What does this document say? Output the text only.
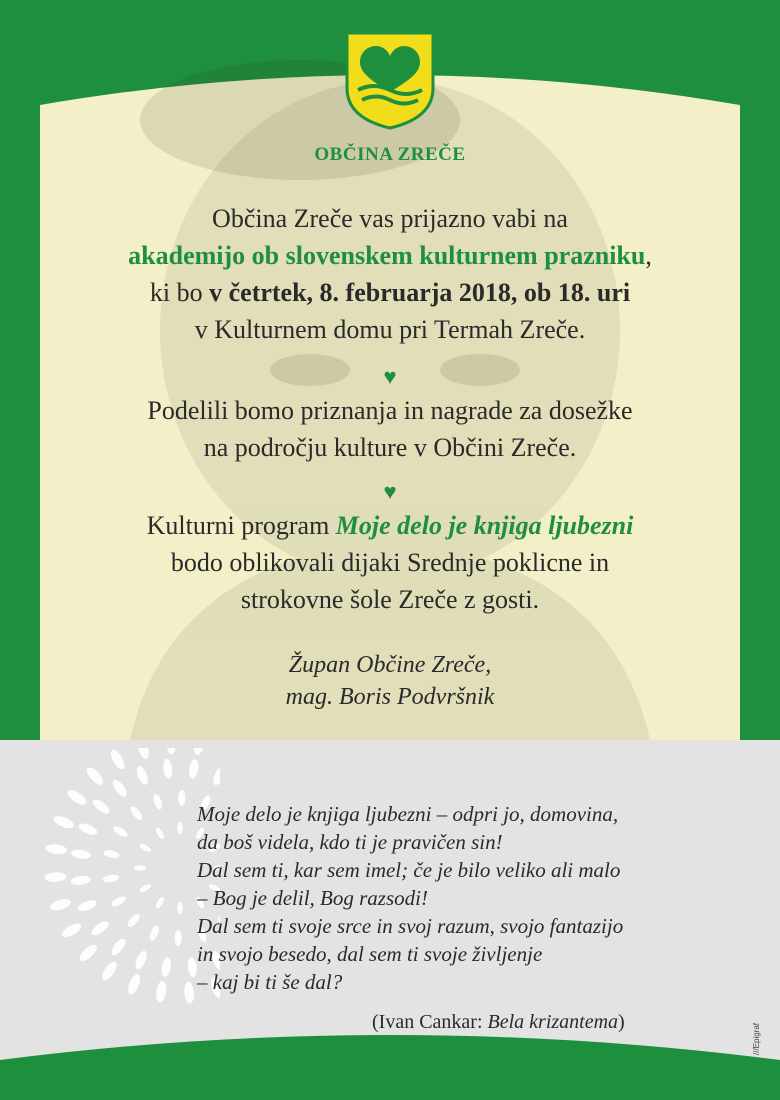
OBČINA ZREČE

Občina Zreče vas prijazno vabi na

akademijo ob slovenskem kulturnem prazniku,

ki bo v četrtek, 8. februarja 2018, ob 18. uri

v Kulturnem domu pri Termah Zreče.

♥

Podelili bomo priznanja in nagrade za dosežke

na področju kulture v Občini Zreče.

♥

Kulturni program Moje delo je knjiga ljubezni

bodo oblikovali dijaki Srednje poklicne in

strokovne šole Zreče z gosti.

Župan Občine Zreče,

mag. Boris Podvršnik

Moje delo je knjiga ljubezni – odpri jo, domovina,

da boš videla, kdo ti je pravičen sin!

Dal sem ti, kar sem imel; če je bilo veliko ali malo

– Bog je delil, Bog razsodi!

Dal sem ti svoje srce in svoj razum, svojo fantazijo

in svojo besedo, dal sem ti svoje življenje

– kaj bi ti še dal?

(Ivan Cankar: Bela krizantema)
///Epigraf
